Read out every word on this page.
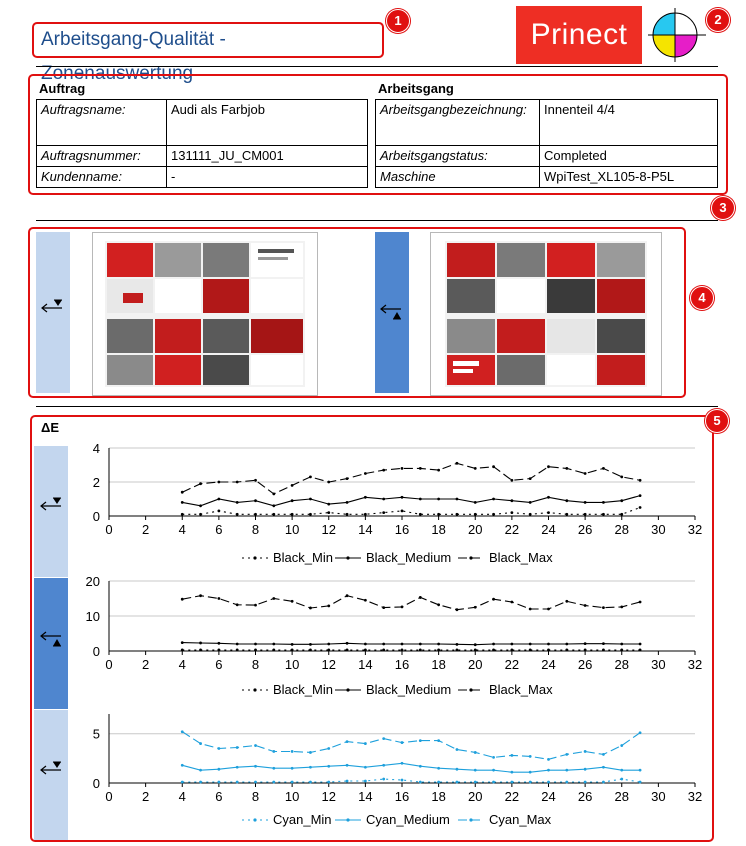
Arbeitsgang-Qualität - Zonenauswertung
1	Prinect	2
Auftrag	Arbeitsgang
Auftragsname:	Audi als Farbjob
Auftragsnummer:	131111_JU_CM001
Kundenname:	-
Arbeitsgangbezeichnung:	Innenteil 4/4
Arbeitsgangstatus:	Completed
Maschine	WpiTest_XL105-8-P5L
3
4
5
ΔE
0
2
4
0 2 4 6 8 10 12 14 16 18 20 22 24 26 28 30 32
Black_Min	Black_Medium	Black_Max
0
10
20
0 2 4 6 8 10 12 14 16 18 20 22 24 26 28 30 32
Black_Min	Black_Medium	Black_Max
0
5
0 2 4 6 8 10 12 14 16 18 20 22 24 26 28 30 32
Cyan_Min	Cyan_Medium	Cyan_Max
